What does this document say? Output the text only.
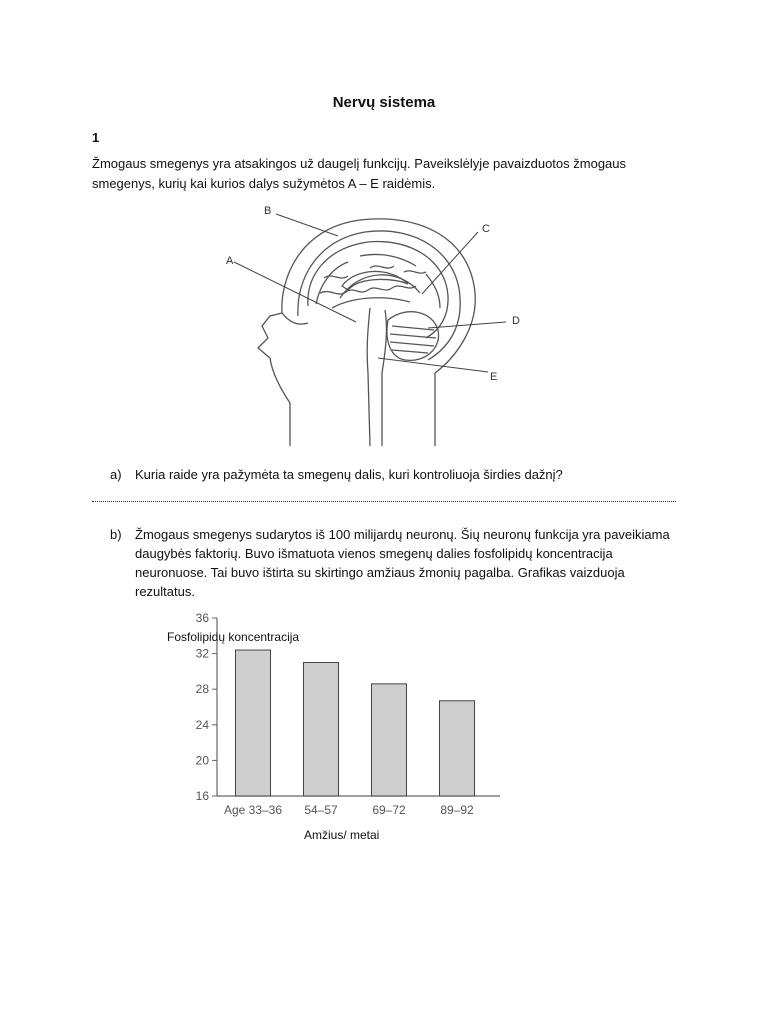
Nervų sistema
1
Žmogaus smegenys yra atsakingos už daugelį funkcijų. Paveikslėlyje pavaizduotos žmogaus smegenys, kurių kai kurios dalys sužymėtos A – E raidėmis.
B
C
A
D
E
a) Kuria raide yra pažymėta ta smegenų dalis, kuri kontroliuoja širdies dažnį?
b) Žmogaus smegenys sudarytos iš 100 milijardų neuronų. Šių neuronų funkcija yra paveikiama daugybės faktorių. Buvo išmatuota vienos smegenų dalies fosfolipidų koncentracija neuronuose. Tai buvo ištirta su skirtingo amžiaus žmonių pagalba. Grafikas vaizduoja rezultatus.
16
20
24
28
32
36
Age 33–36 54–57	69–72	89–92
Fosfolipidų koncentracija
Amžius/ metai
